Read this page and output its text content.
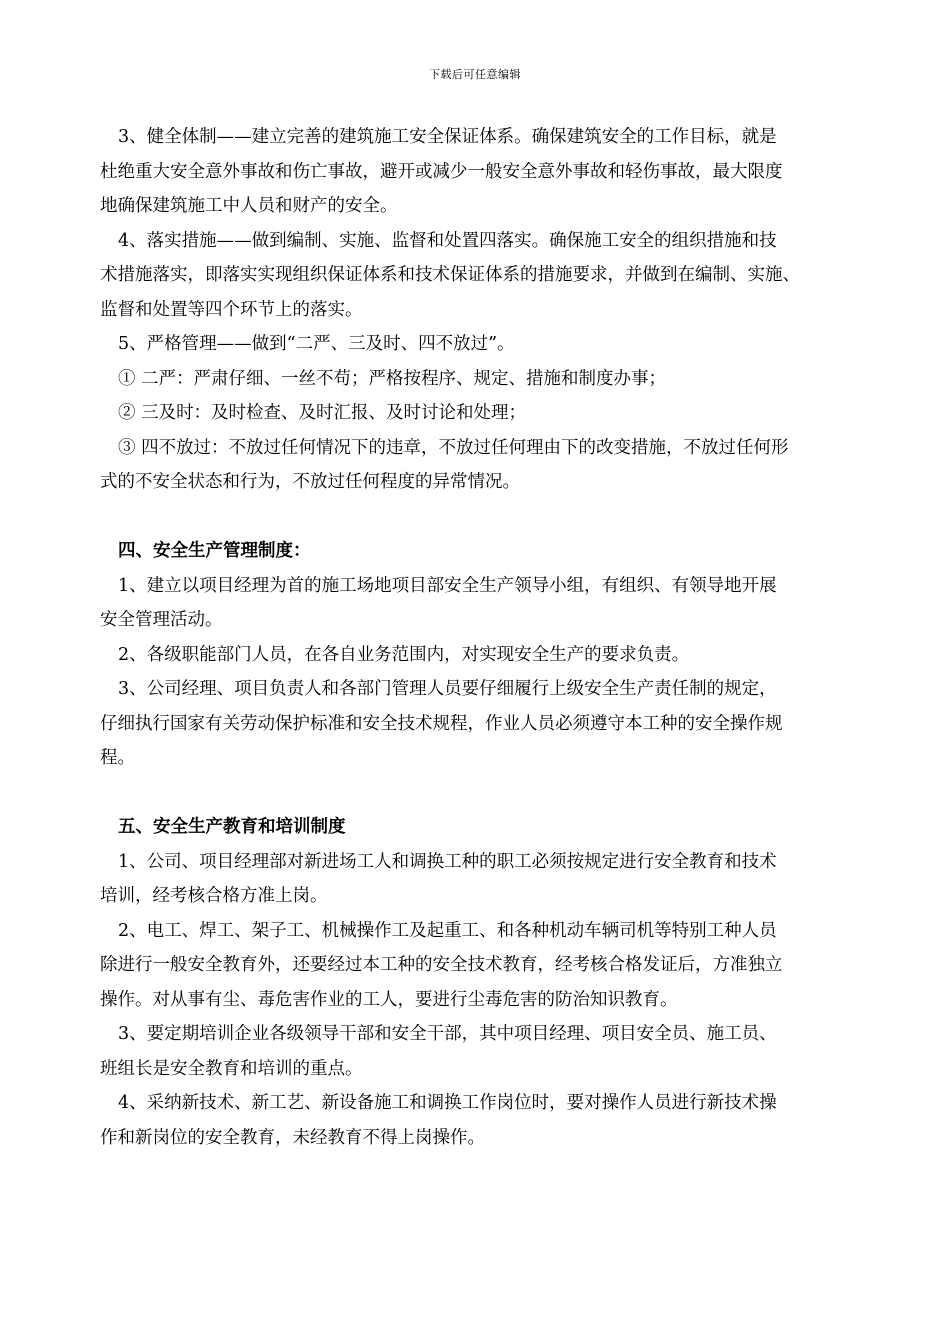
下载后可任意编辑
3、健全体制——建立完善的建筑施工安全保证体系。确保建筑安全的工作目标，就是
杜绝重大安全意外事故和伤亡事故，避开或减少一般安全意外事故和轻伤事故，最大限度
地确保建筑施工中人员和财产的安全。
4、落实措施——做到编制、实施、监督和处置四落实。确保施工安全的组织措施和技
术措施落实，即落实实现组织保证体系和技术保证体系的措施要求，并做到在编制、实施、
监督和处置等四个环节上的落实。
5、严格管理——做到“二严、三及时、四不放过”。
① 二严：严肃仔细、一丝不苟；严格按程序、规定、措施和制度办事；
② 三及时：及时检查、及时汇报、及时讨论和处理；
③ 四不放过：不放过任何情况下的违章，不放过任何理由下的改变措施，不放过任何形
式的不安全状态和行为，不放过任何程度的异常情况。
四、安全生产管理制度：
1、建立以项目经理为首的施工场地项目部安全生产领导小组，有组织、有领导地开展
安全管理活动。
2、各级职能部门人员，在各自业务范围内，对实现安全生产的要求负责。
3、公司经理、项目负责人和各部门管理人员要仔细履行上级安全生产责任制的规定，
仔细执行国家有关劳动保护标准和安全技术规程，作业人员必须遵守本工种的安全操作规
程。
五、安全生产教育和培训制度
1、公司、项目经理部对新进场工人和调换工种的职工必须按规定进行安全教育和技术
培训，经考核合格方准上岗。
2、电工、焊工、架子工、机械操作工及起重工、和各种机动车辆司机等特别工种人员
除进行一般安全教育外，还要经过本工种的安全技术教育，经考核合格发证后，方准独立
操作。对从事有尘、毒危害作业的工人，要进行尘毒危害的防治知识教育。
3、要定期培训企业各级领导干部和安全干部，其中项目经理、项目安全员、施工员、
班组长是安全教育和培训的重点。
4、采纳新技术、新工艺、新设备施工和调换工作岗位时，要对操作人员进行新技术操
作和新岗位的安全教育，未经教育不得上岗操作。
